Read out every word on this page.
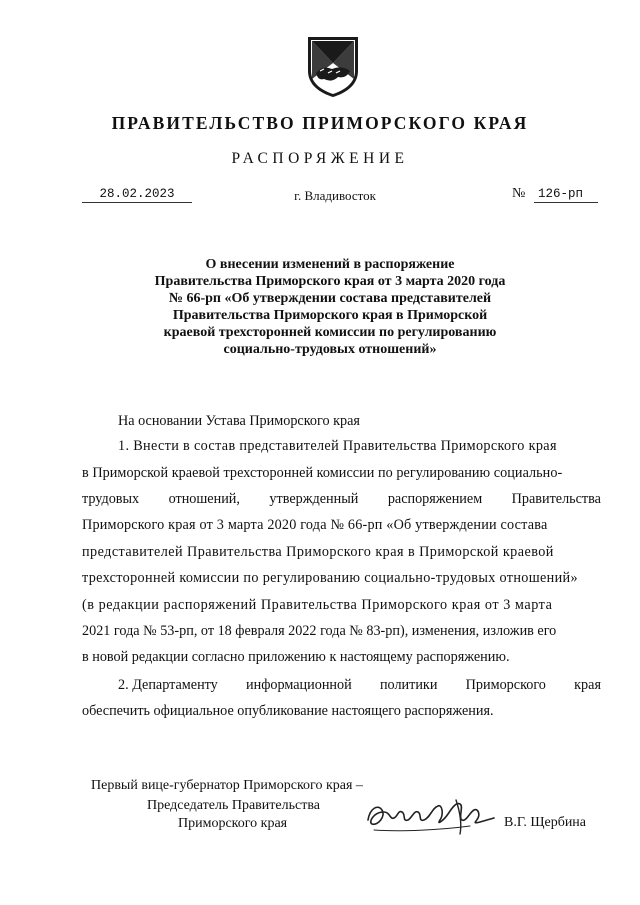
ПРАВИТЕЛЬСТВО ПРИМОРСКОГО КРАЯ
РАСПОРЯЖЕНИЕ
28.02.2023	г. Владивосток	№	126-рп
О внесении изменений в распоряжение
Правительства Приморского края от 3 марта 2020 года
№ 66-рп «Об утверждении состава представителей
Правительства Приморского края в Приморской
краевой трехсторонней комиссии по регулированию
социально-трудовых отношений»
На основании Устава Приморского края
1. Внести в состав представителей Правительства Приморского края
в Приморской краевой трехсторонней комиссии по регулированию социально-
трудовых отношений, утвержденный распоряжением Правительства
Приморского края от 3 марта 2020 года № 66-рп «Об утверждении состава
представителей Правительства Приморского края в Приморской краевой
трехсторонней комиссии по регулированию социально-трудовых отношений»
(в редакции распоряжений Правительства Приморского края от 3 марта
2021 года № 53-рп, от 18 февраля 2022 года № 83-рп), изменения, изложив его
в новой редакции согласно приложению к настоящему распоряжению.
2. Департаменту информационной политики Приморского края
обеспечить официальное опубликование настоящего распоряжения.
Первый вице-губернатор Приморского края –
Председатель Правительства
Приморского края	В.Г. Щербина
